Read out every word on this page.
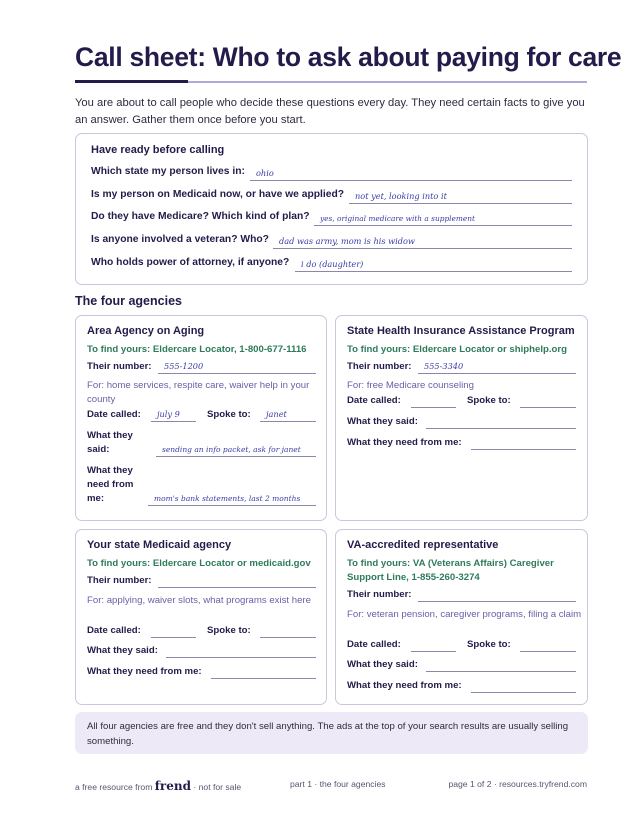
Call sheet: Who to ask about paying for care
You are about to call people who decide these questions every day. They need certain facts to give you an answer. Gather them once before you start.
Have ready before calling
Which state my person lives in: ohio
Is my person on Medicaid now, or have we applied? not yet, looking into it
Do they have Medicare? Which kind of plan? yes, original medicare with a supplement
Is anyone involved a veteran? Who? dad was army, mom is his widow
Who holds power of attorney, if anyone? i do (daughter)
The four agencies
Area Agency on Aging
To find yours: Eldercare Locator, 1-800-677-1116
Their number: 555-1200
For: home services, respite care, waiver help in your county
Date called: july 9	Spoke to: janet
What they said:	sending an info packet, ask for janet
What they need from me:	mom's bank statements, last 2 months
State Health Insurance Assistance Program
To find yours: Eldercare Locator or shiphelp.org
Their number: 555-3340
For: free Medicare counseling
Date called:	Spoke to:
What they said:
What they need from me:
Your state Medicaid agency
To find yours: Eldercare Locator or medicaid.gov
Their number:
For: applying, waiver slots, what programs exist here
Date called:	Spoke to:
What they said:
What they need from me:
VA-accredited representative
To find yours: VA (Veterans Affairs) Caregiver Support Line, 1-855-260-3274
Their number:
For: veteran pension, caregiver programs, filing a claim
Date called:	Spoke to:
What they said:
What they need from me:
All four agencies are free and they don't sell anything. The ads at the top of your search results are usually selling something.
a free resource from frend · not for sale	part 1 · the four agencies	page 1 of 2 · resources.tryfrend.com
